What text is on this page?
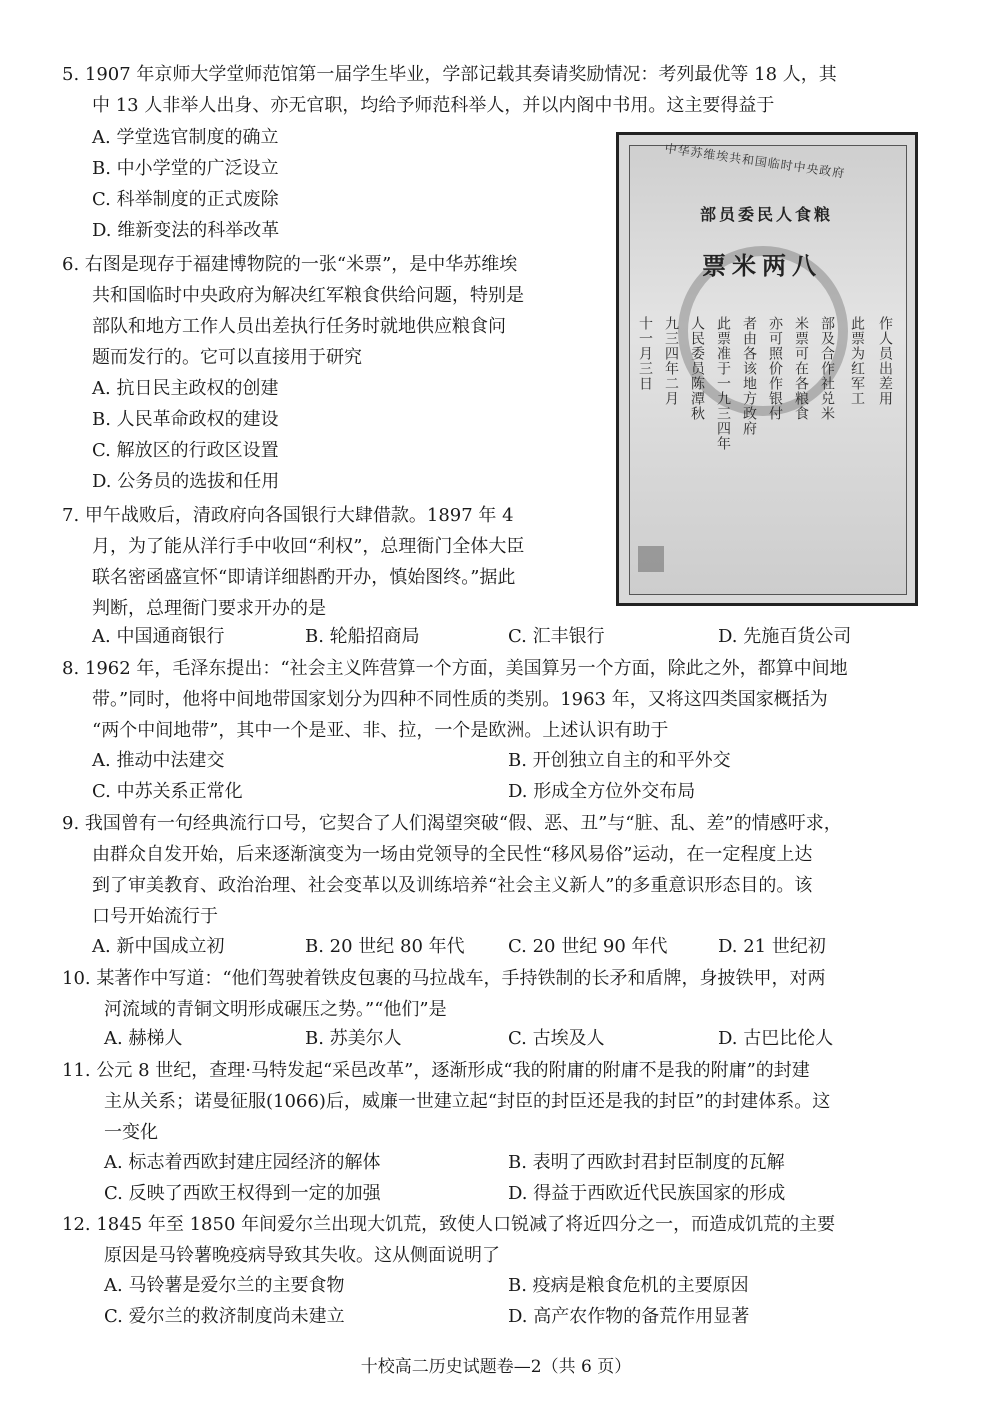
5. 1907 年京师大学堂师范馆第一届学生毕业，学部记载其奏请奖励情况：考列最优等 18 人，其
中 13 人非举人出身、亦无官职，均给予师范科举人，并以内阁中书用。这主要得益于
A. 学堂选官制度的确立
B. 中小学堂的广泛设立
C. 科举制度的正式废除
D. 维新变法的科举改革
6. 右图是现存于福建博物院的一张“米票”，是中华苏维埃
共和国临时中央政府为解决红军粮食供给问题，特别是
部队和地方工作人员出差执行任务时就地供应粮食问
题而发行的。它可以直接用于研究
A. 抗日民主政权的创建
B. 人民革命政权的建设
C. 解放区的行政区设置
D. 公务员的选拔和任用
7. 甲午战败后，清政府向各国银行大肆借款。1897 年 4
月，为了能从洋行手中收回“利权”，总理衙门全体大臣
联名密函盛宣怀“即请详细斟酌开办，慎始图终。”据此
判断，总理衙门要求开办的是
A. 中国通商银行	B. 轮船招商局	C. 汇丰银行	D. 先施百货公司
8. 1962 年，毛泽东提出：“社会主义阵营算一个方面，美国算另一个方面，除此之外，都算中间地
带。”同时，他将中间地带国家划分为四种不同性质的类别。1963 年，又将这四类国家概括为
“两个中间地带”，其中一个是亚、非、拉，一个是欧洲。上述认识有助于
A. 推动中法建交	B. 开创独立自主的和平外交
C. 中苏关系正常化	D. 形成全方位外交布局
9. 我国曾有一句经典流行口号，它契合了人们渴望突破“假、恶、丑”与“脏、乱、差”的情感吁求，
由群众自发开始，后来逐渐演变为一场由党领导的全民性“移风易俗”运动，在一定程度上达
到了审美教育、政治治理、社会变革以及训练培养“社会主义新人”的多重意识形态目的。该
口号开始流行于
A. 新中国成立初	B. 20 世纪 80 年代 C. 20 世纪 90 年代	D. 21 世纪初
10. 某著作中写道：“他们驾驶着铁皮包裹的马拉战车，手持铁制的长矛和盾牌，身披铁甲，对两
河流域的青铜文明形成碾压之势。”“他们”是
A. 赫梯人	B. 苏美尔人	C. 古埃及人	D. 古巴比伦人
11. 公元 8 世纪，查理·马特发起“采邑改革”，逐渐形成“我的附庸的附庸不是我的附庸”的封建
主从关系；诺曼征服(1066)后，威廉一世建立起“封臣的封臣还是我的封臣”的封建体系。这
一变化
A. 标志着西欧封建庄园经济的解体	B. 表明了西欧封君封臣制度的瓦解
C. 反映了西欧王权得到一定的加强	D. 得益于西欧近代民族国家的形成
12. 1845 年至 1850 年间爱尔兰出现大饥荒，致使人口锐减了将近四分之一，而造成饥荒的主要
原因是马铃薯晚疫病导致其失收。这从侧面说明了
A. 马铃薯是爱尔兰的主要食物	B. 疫病是粮食危机的主要原因
C. 爱尔兰的救济制度尚未建立	D. 高产农作物的备荒作用显著
中华苏维埃共和国临时中央政府
部员委民人食粮
票米两八
十一月三日 九三四年二月 人民委员陈潭秋 此票准于一九三四年 者由各该地方政府 亦可照价作银付 米票可在各粮食 部及合作社兑米 此票为红军工 作人员出差用
十校高二历史试题卷—2（共 6 页）
